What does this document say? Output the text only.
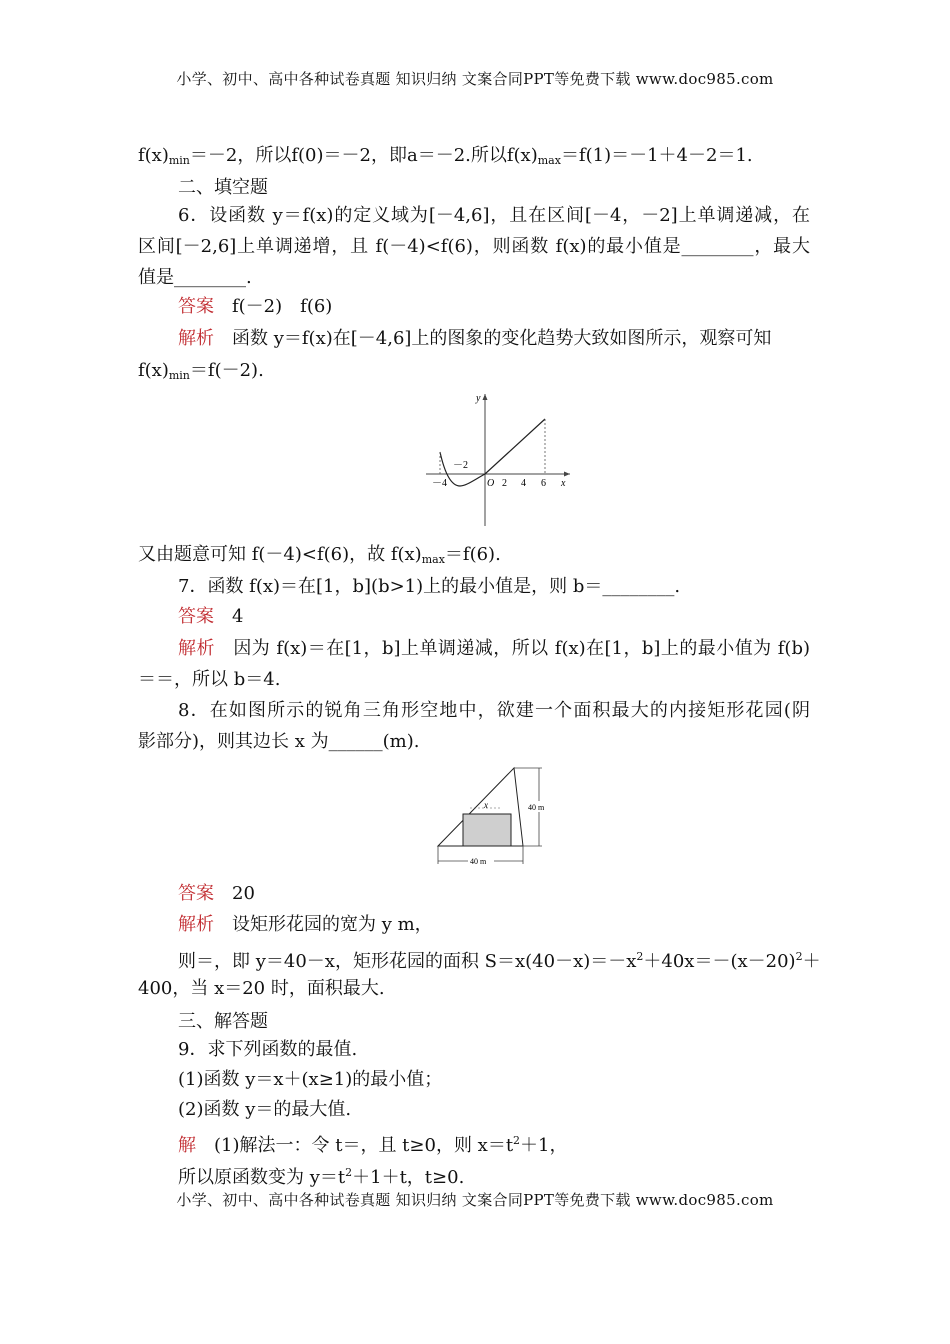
小学、初中、高中各种试卷真题 知识归纳 文案合同PPT等免费下载 www.doc985.com
$f(x)_{min}=-2$，所以f(0)＝－2，即a＝－2.所以$f(x)_{max}=f(1)=-1+4-2=1$.
二、填空题
6．设函数 y＝f(x)的定义域为[－4,6]，且在区间[－4，－2]上单调递减，在
区间[－2,6]上单调递增，且 f(－4)<f(6)，则函数 f(x)的最小值是________，最大
值是________.
答案　 f(－2)　f(6)
解析　 函数 y＝f(x)在[－4,6]上的图象的变化趋势大致如图所示，观察可知
$f(x)_{min}=f(-2)$.
y
x
O
－4
－2
2 4 6
又由题意可知 f(－4)<f(6)，故 $f(x)_{max}=f(6)$.
7．函数 f(x)＝在[1，b](b>1)上的最小值是，则 b＝________.
答案　 4
解析　 因为 f(x)＝在[1，b]上单调递减，所以 f(x)在[1，b]上的最小值为 f(b)
＝＝，所以 b＝4.
8．在如图所示的锐角三角形空地中，欲建一个面积最大的内接矩形花园(阴
影部分)，则其边长 x 为______(m).
x	40 m
40 m
答案　 20
解析　 设矩形花园的宽为 y m，
则＝，即 y＝40－x，矩形花园的面积 $S=x(40-x)=-x^2+40x=-(x-20)^2+$
400，当 x＝20 时，面积最大.
三、解答题
9．求下列函数的最值.
(1)函数 y＝x＋(x≥1)的最小值；
(2)函数 y＝的最大值.
解　 (1)解法一：令 t＝，且 t≥0，则 $x=t^2+1$，
所以原函数变为 $y=t^2+1+t$，t≥0.
小学、初中、高中各种试卷真题 知识归纳 文案合同PPT等免费下载 www.doc985.com
